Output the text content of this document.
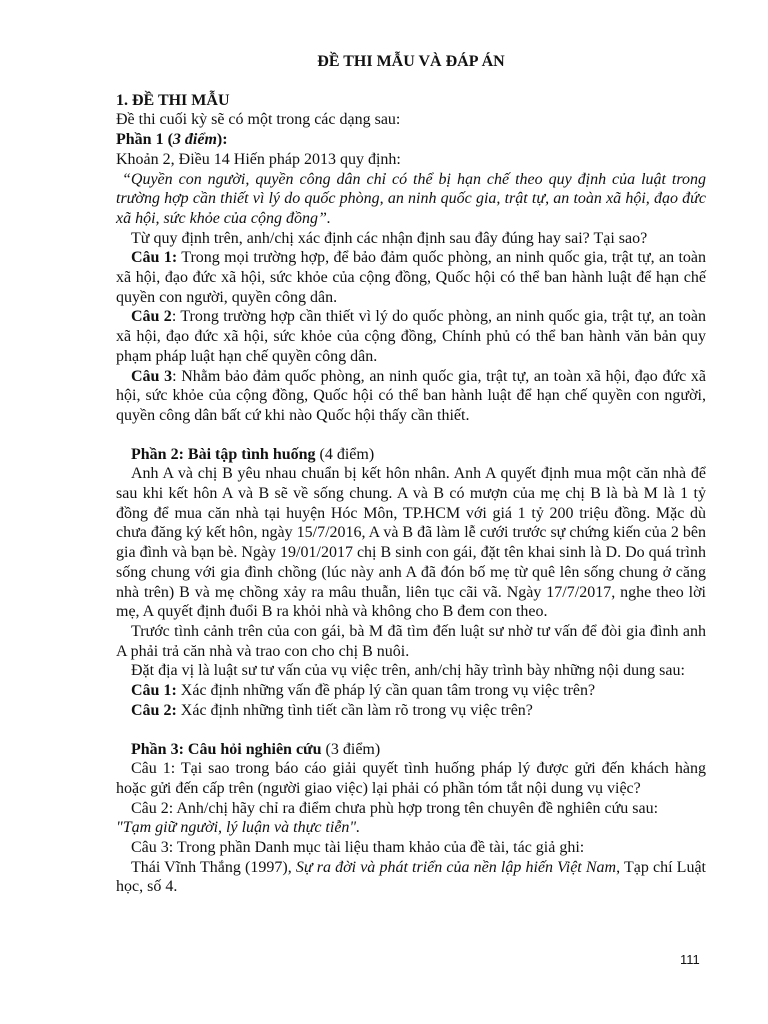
ĐỀ THI MẪU VÀ ĐÁP ÁN

1. ĐỀ THI MẪU

Đề thi cuối kỳ sẽ có một trong các dạng sau:

Phần 1 (3 điểm):

Khoản 2, Điều 14 Hiến pháp 2013 quy định:

“Quyền con người, quyền công dân chỉ có thể bị hạn chế theo quy định của luật trong trường hợp cần thiết vì lý do quốc phòng, an ninh quốc gia, trật tự, an toàn xã hội, đạo đức xã hội, sức khỏe của cộng đồng”.

Từ quy định trên, anh/chị xác định các nhận định sau đây đúng hay sai? Tại sao?

Câu 1: Trong mọi trường hợp, để bảo đảm quốc phòng, an ninh quốc gia, trật tự, an toàn xã hội, đạo đức xã hội, sức khỏe của cộng đồng, Quốc hội có thể ban hành luật để hạn chế quyền con người, quyền công dân.

Câu 2: Trong trường hợp cần thiết vì lý do quốc phòng, an ninh quốc gia, trật tự, an toàn xã hội, đạo đức xã hội, sức khỏe của cộng đồng, Chính phủ có thể ban hành văn bản quy phạm pháp luật hạn chế quyền công dân.

Câu 3: Nhằm bảo đảm quốc phòng, an ninh quốc gia, trật tự, an toàn xã hội, đạo đức xã hội, sức khỏe của cộng đồng, Quốc hội có thể ban hành luật để hạn chế quyền con người, quyền công dân bất cứ khi nào Quốc hội thấy cần thiết.

Phần 2: Bài tập tình huống (4 điểm)

Anh A và chị B yêu nhau chuẩn bị kết hôn nhân. Anh A quyết định mua một căn nhà để sau khi kết hôn A và B sẽ về sống chung. A và B có mượn của mẹ chị B là bà M là 1 tỷ đồng để mua căn nhà tại huyện Hóc Môn, TP.HCM với giá 1 tỷ 200 triệu đồng. Mặc dù chưa đăng ký kết hôn, ngày 15/7/2016, A và B đã làm lễ cưới trước sự chứng kiến của 2 bên gia đình và bạn bè. Ngày 19/01/2017 chị B sinh con gái, đặt tên khai sinh là D. Do quá trình sống chung với gia đình chồng (lúc này anh A đã đón bố mẹ từ quê lên sống chung ở căng nhà trên) B và mẹ chồng xảy ra mâu thuẫn, liên tục cãi vã. Ngày 17/7/2017, nghe theo lời mẹ, A quyết định đuổi B ra khỏi nhà và không cho B đem con theo.

Trước tình cảnh trên của con gái, bà M đã tìm đến luật sư nhờ tư vấn để đòi gia đình anh A phải trả căn nhà và trao con cho chị B nuôi.

Đặt địa vị là luật sư tư vấn của vụ việc trên, anh/chị hãy trình bày những nội dung sau:

Câu 1: Xác định những vấn đề pháp lý cần quan tâm trong vụ việc trên?

Câu 2: Xác định những tình tiết cần làm rõ trong vụ việc trên?

Phần 3: Câu hỏi nghiên cứu (3 điểm)

Câu 1: Tại sao trong báo cáo giải quyết tình huống pháp lý được gửi đến khách hàng hoặc gửi đến cấp trên (người giao việc) lại phải có phần tóm tắt nội dung vụ việc?

Câu 2: Anh/chị hãy chỉ ra điểm chưa phù hợp trong tên chuyên đề nghiên cứu sau:

"Tạm giữ người, lý luận và thực tiễn".

Câu 3: Trong phần Danh mục tài liệu tham khảo của đề tài, tác giả ghi:

Thái Vĩnh Thắng (1997), Sự ra đời và phát triển của nền lập hiến Việt Nam, Tạp chí Luật học, số 4.

111
